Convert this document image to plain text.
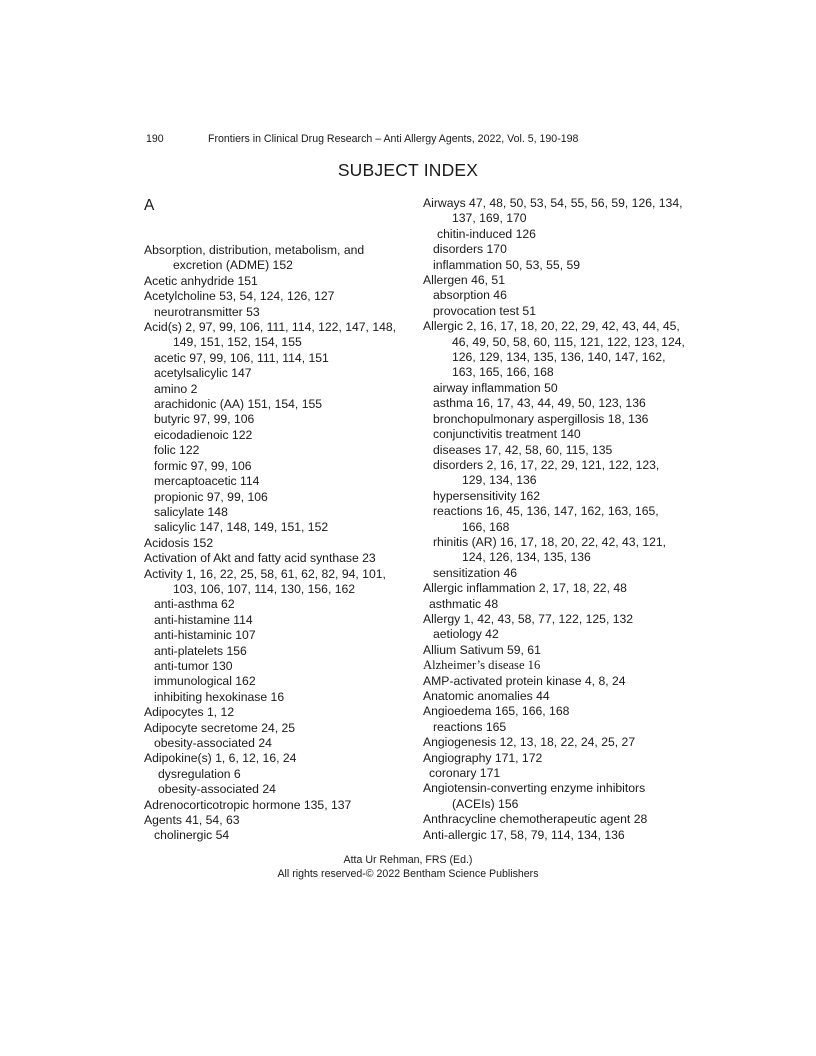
190	Frontiers in Clinical Drug Research – Anti Allergy Agents, 2022, Vol. 5, 190-198
SUBJECT INDEX
A
Absorption, distribution, metabolism, and excretion (ADME) 152
Acetic anhydride 151
Acetylcholine 53, 54, 124, 126, 127
neurotransmitter 53
Acid(s) 2, 97, 99, 106, 111, 114, 122, 147, 148, 149, 151, 152, 154, 155
acetic 97, 99, 106, 111, 114, 151
acetylsalicylic 147
amino 2
arachidonic (AA) 151, 154, 155
butyric 97, 99, 106
eicodadienoic 122
folic 122
formic 97, 99, 106
mercaptoacetic 114
propionic 97, 99, 106
salicylate 148
salicylic 147, 148, 149, 151, 152
Acidosis 152
Activation of Akt and fatty acid synthase 23
Activity 1, 16, 22, 25, 58, 61, 62, 82, 94, 101, 103, 106, 107, 114, 130, 156, 162
anti-asthma 62
anti-histamine 114
anti-histaminic 107
anti-platelets 156
anti-tumor 130
immunological 162
inhibiting hexokinase 16
Adipocytes 1, 12
Adipocyte secretome 24, 25
obesity-associated 24
Adipokine(s) 1, 6, 12, 16, 24
dysregulation 6
obesity-associated 24
Adrenocorticotropic hormone 135, 137
Agents 41, 54, 63
cholinergic 54
Airways 47, 48, 50, 53, 54, 55, 56, 59, 126, 134, 137, 169, 170
chitin-induced 126
disorders 170
inflammation 50, 53, 55, 59
Allergen 46, 51
absorption 46
provocation test 51
Allergic 2, 16, 17, 18, 20, 22, 29, 42, 43, 44, 45, 46, 49, 50, 58, 60, 115, 121, 122, 123, 124, 126, 129, 134, 135, 136, 140, 147, 162, 163, 165, 166, 168
airway inflammation 50
asthma 16, 17, 43, 44, 49, 50, 123, 136
bronchopulmonary aspergillosis 18, 136
conjunctivitis treatment 140
diseases 17, 42, 58, 60, 115, 135
disorders 2, 16, 17, 22, 29, 121, 122, 123, 129, 134, 136
hypersensitivity 162
reactions 16, 45, 136, 147, 162, 163, 165, 166, 168
rhinitis (AR) 16, 17, 18, 20, 22, 42, 43, 121, 124, 126, 134, 135, 136
sensitization 46
Allergic inflammation 2, 17, 18, 22, 48
asthmatic 48
Allergy 1, 42, 43, 58, 77, 122, 125, 132
aetiology 42
Allium Sativum 59, 61
Alzheimer’s disease 16
AMP-activated protein kinase 4, 8, 24
Anatomic anomalies 44
Angioedema 165, 166, 168
reactions 165
Angiogenesis 12, 13, 18, 22, 24, 25, 27
Angiography 171, 172
coronary 171
Angiotensin-converting enzyme inhibitors (ACEIs) 156
Anthracycline chemotherapeutic agent 28
Anti-allergic 17, 58, 79, 114, 134, 136
Atta Ur Rehman, FRS (Ed.)
All rights reserved-© 2022 Bentham Science Publishers
